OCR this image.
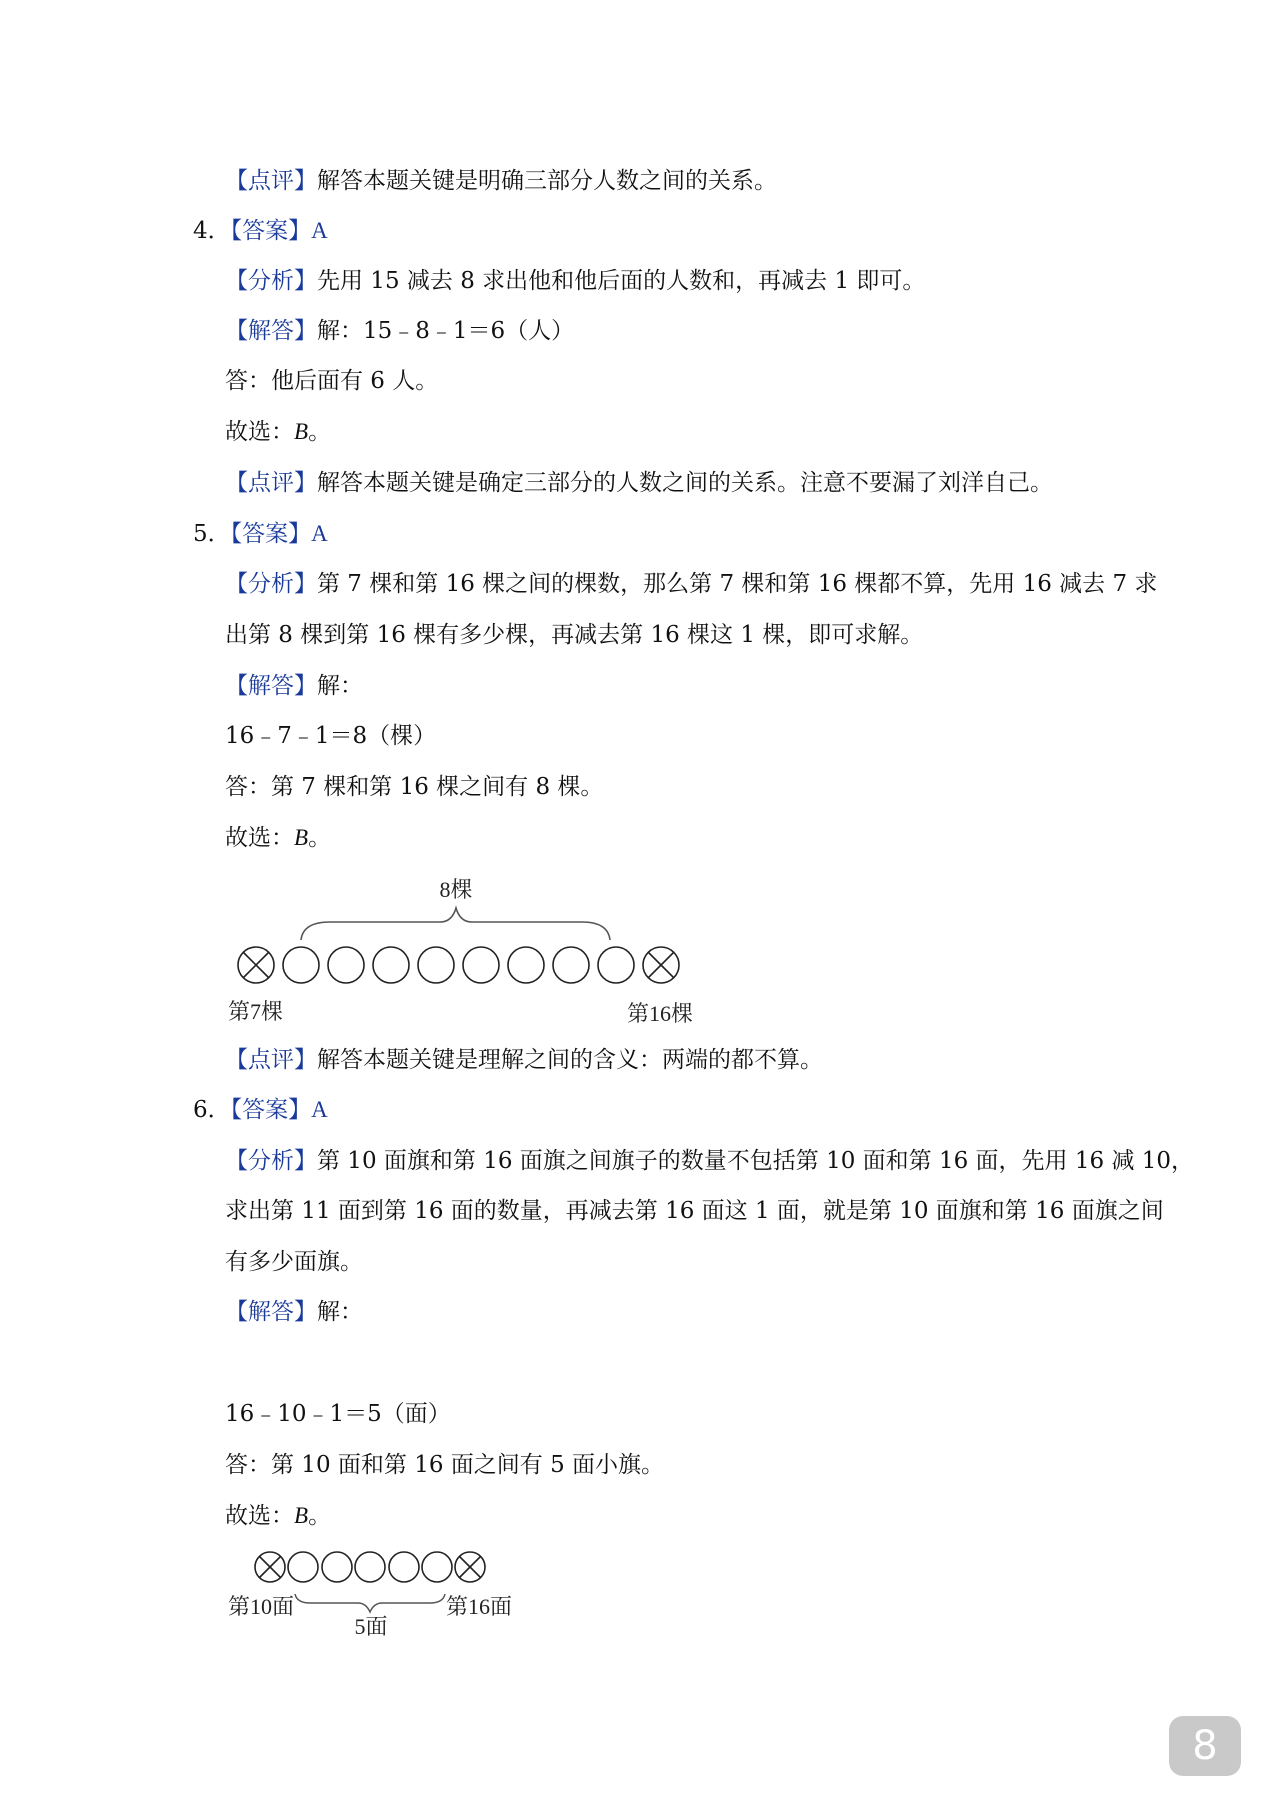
【点评】解答本题关键是明确三部分人数之间的关系。
4．【答案】A
【分析】先用 15 减去 8 求出他和他后面的人数和，再减去 1 即可。
【解答】解：15﹣8﹣1＝6（人）
答：他后面有 6 人。
故选：B。
【点评】解答本题关键是确定三部分的人数之间的关系。注意不要漏了刘洋自己。
5．【答案】A
【分析】第 7 棵和第 16 棵之间的棵数，那么第 7 棵和第 16 棵都不算，先用 16 减去 7 求
出第 8 棵到第 16 棵有多少棵，再减去第 16 棵这 1 棵，即可求解。
【解答】解：
16﹣7﹣1＝8（棵）
答：第 7 棵和第 16 棵之间有 8 棵。
故选：B。
8棵
第7棵	第16棵
【点评】解答本题关键是理解之间的含义：两端的都不算。
6．【答案】A
【分析】第 10 面旗和第 16 面旗之间旗子的数量不包括第 10 面和第 16 面，先用 16 减 10，
求出第 11 面到第 16 面的数量，再减去第 16 面这 1 面，就是第 10 面旗和第 16 面旗之间
有多少面旗。
【解答】解：
16﹣10﹣1＝5（面）
答：第 10 面和第 16 面之间有 5 面小旗。
故选：B。
第10面
5面
第16面
8
